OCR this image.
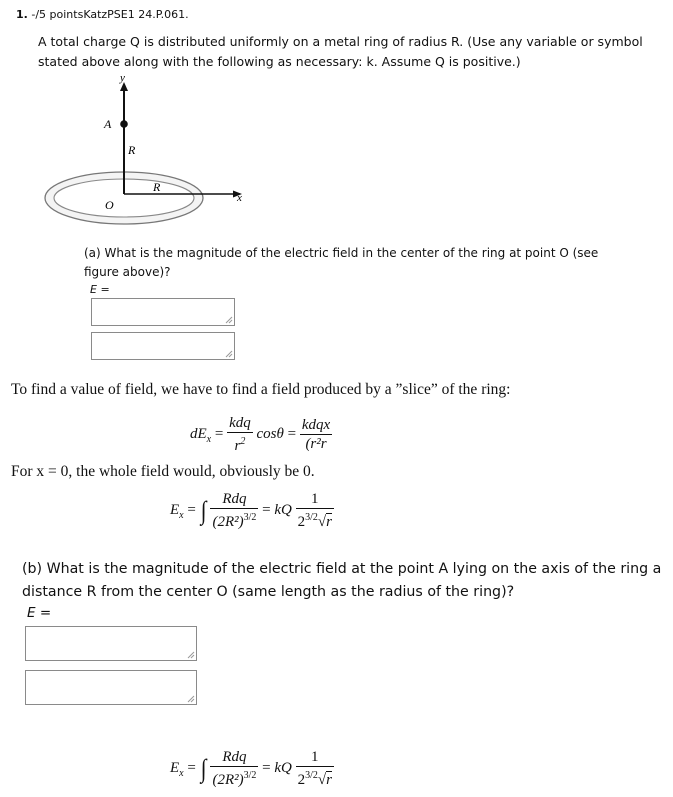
1. -/5 pointsKatzPSE1 24.P.061.
A total charge Q is distributed uniformly on a metal ring of radius R. (Use any variable or symbol stated above along with the following as necessary: k. Assume Q is positive.)
y
A
R
R
O	x
(a) What is the magnitude of the electric field in the center of the ring at point O (see figure above)?
E =
To find a value of field, we have to find a field produced by a ”slice” of the ring:
$dE_x = \frac{\text{kdq}}{r^2}$ $\cos\theta = \frac{\text{kdqx}}{\text{(r²r}}$
For x = 0, the whole field would, obviously be 0.
$E_x$ = ∫ $\frac{\text{Rdq}}{(2R^2)^{3/2}}$ = kQ $\frac{1}{2^{3/2}√r}$
(b) What is the magnitude of the electric field at the point A lying on the axis of the ring a distance R from the center O (same length as the radius of the ring)?
E =
$E_x$ = ∫ $\frac{\text{Rdq}}{(2R^2)^{3/2}}$ = kQ $\frac{1}{2^{3/2}√r}$
